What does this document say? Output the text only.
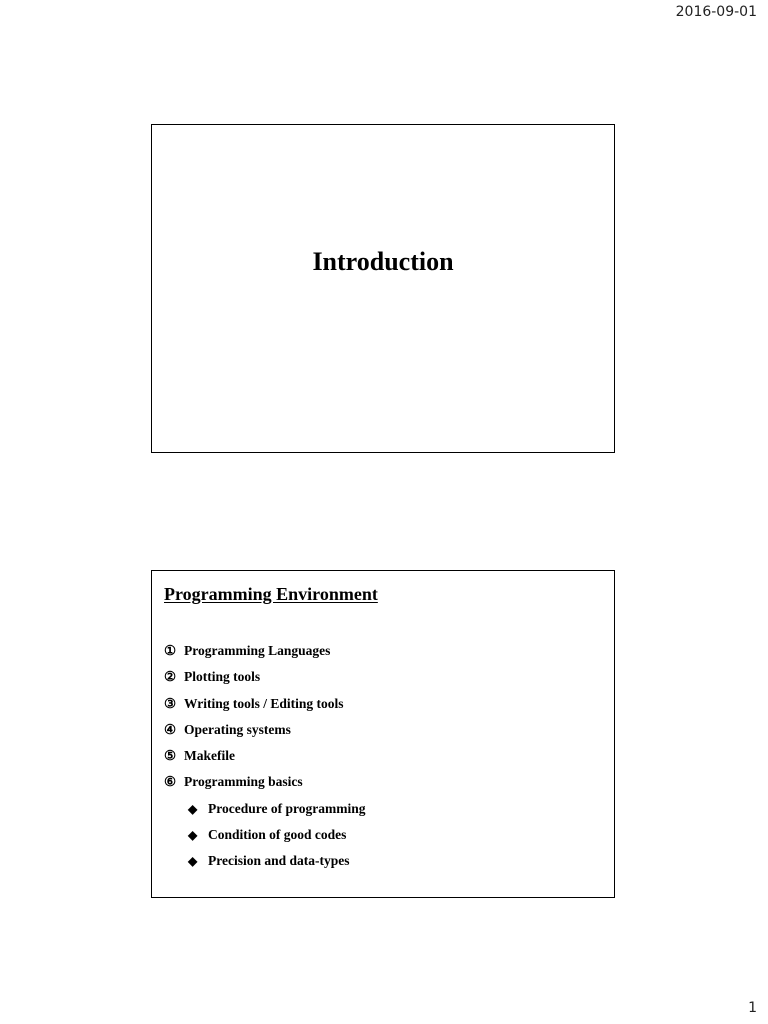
2016-09-01
Introduction
Programming Environment
① Programming Languages
② Plotting tools
③ Writing tools / Editing tools
④ Operating systems
⑤ Makefile
⑥ Programming basics
◆ Procedure of programming
◆ Condition of good codes
◆ Precision and data-types
1
